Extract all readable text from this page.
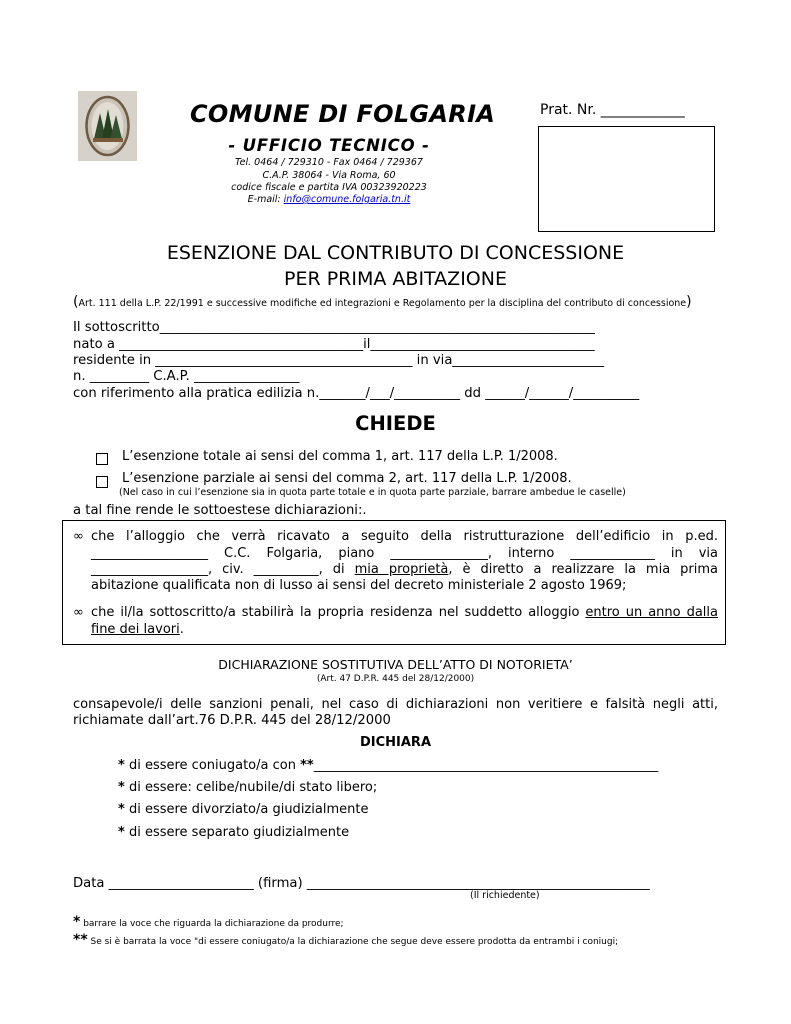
COMUNE DI FOLGARIA
- UFFICIO TECNICO -
Tel. 0464 / 729310 - Fax 0464 / 729367
C.A.P. 38064 - Via Roma, 60
codice fiscale e partita IVA 00323920223
E-mail: info@comune.folgaria.tn.it
Prat. Nr. ____________
ESENZIONE DAL CONTRIBUTO DI CONCESSIONE
PER PRIMA ABITAZIONE
(Art. 111 della L.P. 22/1991 e successive modifiche ed integrazioni e Regolamento per la disciplina del contributo di concessione)
Il sottoscritto__________________________________________________________________
nato a _____________________________________il__________________________________
residente in _______________________________________ in via_______________________
n. _________ C.A.P. ________________
con riferimento alla pratica edilizia n._______/___/__________ dd ______/______/__________
CHIEDE
L’esenzione totale ai sensi del comma 1, art. 117 della L.P. 1/2008.
L’esenzione parziale ai sensi del comma 2, art. 117 della L.P. 1/2008.
(Nel caso in cui l’esenzione sia in quota parte totale e in quota parte parziale, barrare ambedue le caselle)
a tal fine rende le sottoestese dichiarazioni:.
∞ che l’alloggio che verrà ricavato a seguito della ristrutturazione dell’edificio in p.ed.
__________________ C.C. Folgaria, piano _______________, interno _____________ in via
__________________, civ. __________, di mia proprietà, è diretto a realizzare la mia prima
abitazione qualificata non di lusso ai sensi del decreto ministeriale 2 agosto 1969;
∞ che il/la sottoscritto/a stabilirà la propria residenza nel suddetto alloggio entro un anno dalla
fine dei lavori.
DICHIARAZIONE SOSTITUTIVA DELL’ATTO DI NOTORIETA’
(Art. 47 D.P.R. 445 del 28/12/2000)
consapevole/i delle sanzioni penali, nel caso di dichiarazioni non veritiere e falsità negli atti,
richiamate dall’art.76 D.P.R. 445 del 28/12/2000
DICHIARA
* di essere coniugato/a con **_____________________________________________________
* di essere: celibe/nubile/di stato libero;
* di essere divorziato/a giudizialmente
* di essere separato giudizialmente
Data ______________________ (firma) ____________________________________________________
(Il richiedente)
* barrare la voce che riguarda la dichiarazione da produrre;
** Se si è barrata la voce "di essere coniugato/a la dichiarazione che segue deve essere prodotta da entrambi i coniugi;
